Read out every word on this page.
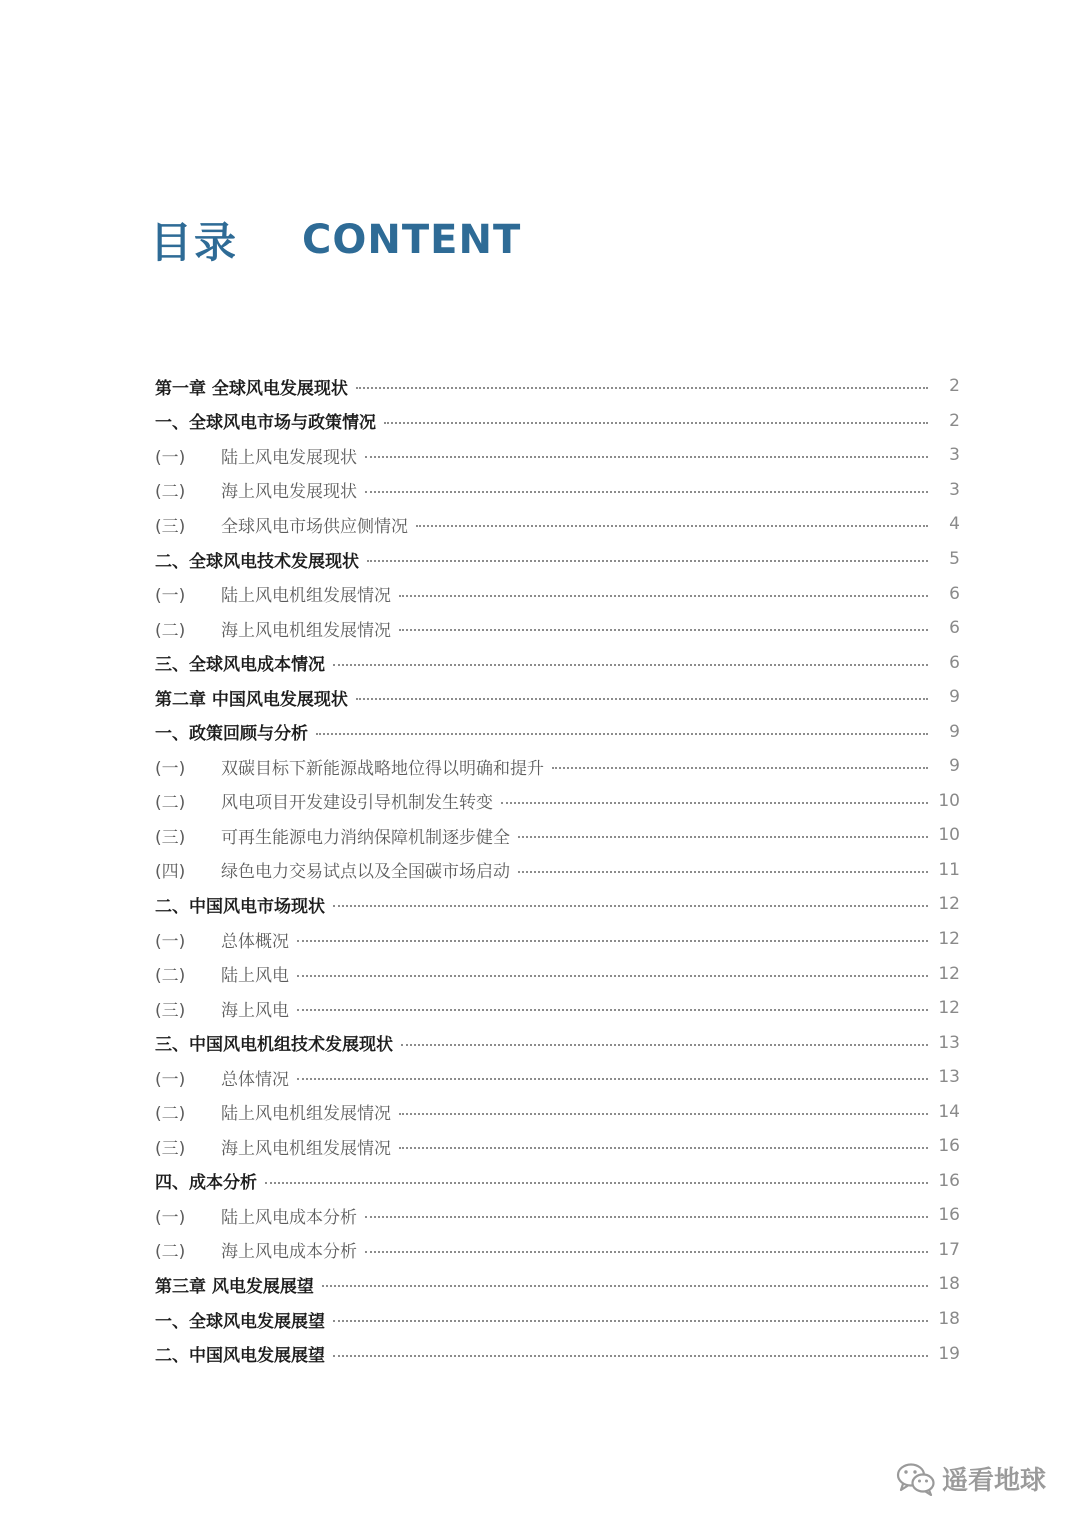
目录 CONTENT
第一章 全球风电发展现状	2
一、全球风电市场与政策情况	2
(一) 陆上风电发展现状	3
(二) 海上风电发展现状	3
(三) 全球风电市场供应侧情况	4
二、全球风电技术发展现状	5
(一) 陆上风电机组发展情况	6
(二) 海上风电机组发展情况	6
三、全球风电成本情况	6
第二章 中国风电发展现状	9
一、政策回顾与分析	9
(一) 双碳目标下新能源战略地位得以明确和提升	9
(二) 风电项目开发建设引导机制发生转变	10
(三) 可再生能源电力消纳保障机制逐步健全	10
(四) 绿色电力交易试点以及全国碳市场启动	11
二、中国风电市场现状	12
(一) 总体概况	12
(二) 陆上风电	12
(三) 海上风电	12
三、中国风电机组技术发展现状	13
(一) 总体情况	13
(二) 陆上风电机组发展情况	14
(三) 海上风电机组发展情况	16
四、成本分析	16
(一) 陆上风电成本分析	16
(二) 海上风电成本分析	17
第三章 风电发展展望	18
一、全球风电发展展望	18
二、中国风电发展展望	19
遥看地球
